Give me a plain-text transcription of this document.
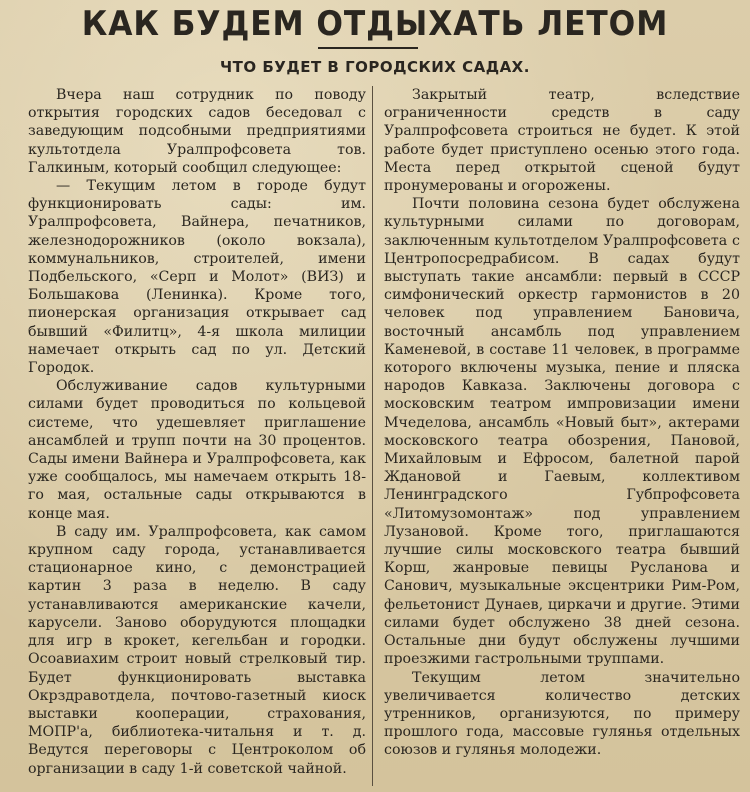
КАК БУДЕМ ОТДЫХАТЬ ЛЕТОМ
ЧТО БУДЕТ В ГОРОДСКИХ САДАХ.

Вчера наш сотрудник по поводу открытия городских садов беседовал с заведующим подсобными предприятиями культотдела Уралпрофсовета тов. Галкиным, который сообщил следующее:

— Текущим летом в городе будут функционировать сады: им. Уралпрофсовета, Вайнера, печатников, железнодорожников (около вокзала), коммунальников, строителей, имени Подбельского, «Серп и Молот» (ВИЗ) и Большакова (Ленинка). Кроме того, пионерская организация открывает сад бывший «Филитц», 4-я школа милиции намечает открыть сад по ул. Детский Городок.

Обслуживание садов культурными силами будет проводиться по кольцевой системе, что удешевляет приглашение ансамблей и трупп почти на 30 процентов. Сады имени Вайнера и Уралпрофсовета, как уже сообщалось, мы намечаем открыть 18-го мая, остальные сады открываются в конце мая.

В саду им. Уралпрофсовета, как самом крупном саду города, устанавливается стационарное кино, с демонстрацией картин 3 раза в неделю. В саду устанавливаются американские качели, карусели. Заново оборудуются площадки для игр в крокет, кегельбан и городки. Осоавиахим строит новый стрелковый тир. Будет функционировать выставка Окрздравотдела, почтово-газетный киоск выставки кооперации, страхования, МОПР'а, библиотека-читальня и т. д. Ведутся переговоры с Центроколом об организации в саду 1-й советской чайной.

Закрытый театр, вследствие ограниченности средств в саду Уралпрофсовета строиться не будет. К этой работе будет приступлено осенью этого года. Места перед открытой сценой будут пронумерованы и огорожены.

Почти половина сезона будет обслужена культурными силами по договорам, заключенным культотделом Уралпрофсовета с Центропосредрабисом. В садах будут выступать такие ансамбли: первый в СССР симфонический оркестр гармонистов в 20 человек под управлением Бановича, восточный ансамбль под управлением Каменевой, в составе 11 человек, в программе которого включены музыка, пение и пляска народов Кавказа. Заключены договора с московским театром импровизации имени Мчеделова, ансамбль «Новый быт», актерами московского театра обозрения, Пановой, Михайловым и Ефросом, балетной парой Ждановой и Гаевым, коллективом Ленинградского Губпрофсовета «Литомузомонтаж» под управлением Лузановой. Кроме того, приглашаются лучшие силы московского театра бывший Корш, жанровые певицы Русланова и Санович, музыкальные эксцентрики Рим-Ром, фельетонист Дунаев, циркачи и другие. Этими силами будет обслужено 38 дней сезона. Остальные дни будут обслужены лучшими проезжими гастрольными труппами.

Текущим летом значительно увеличивается количество детских утренников, организуются, по примеру прошлого года, массовые гулянья отдельных союзов и гулянья молодежи.
